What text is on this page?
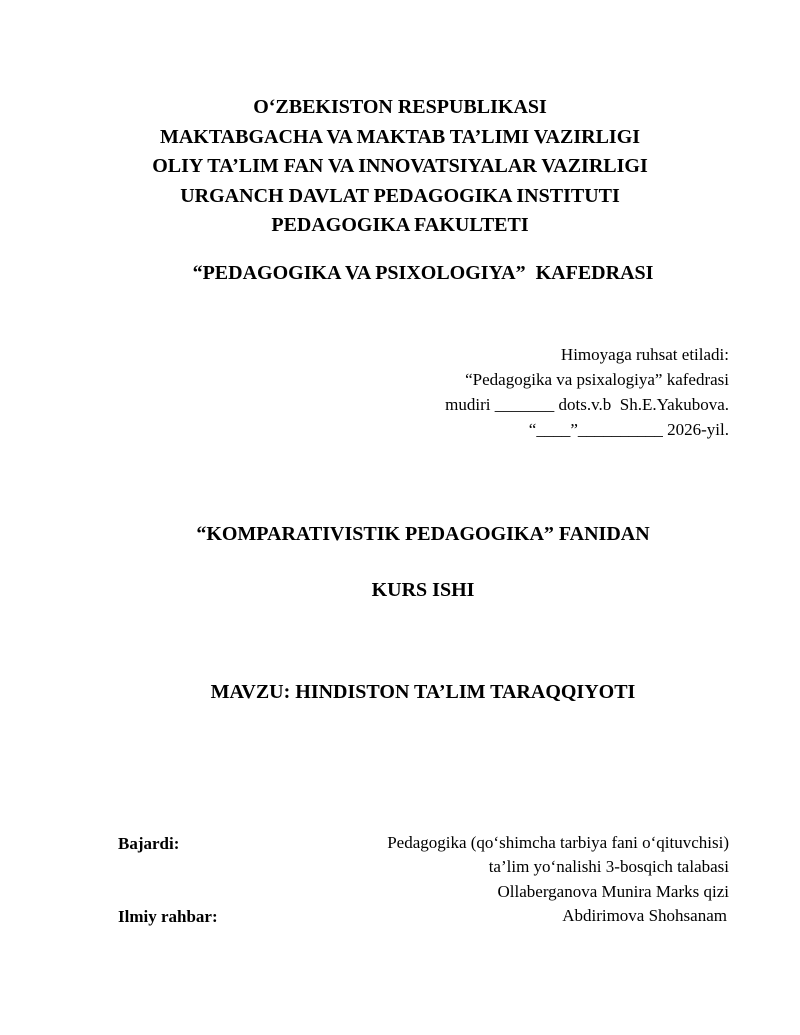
O‘ZBEKISTON RESPUBLIKASI
MAKTABGACHA VA MAKTAB TA’LIMI VAZIRLIGI
OLIY TA’LIM FAN VA INNOVATSIYALAR VAZIRLIGI
URGANCH DAVLAT PEDAGOGIKA INSTITUTI
PEDAGOGIKA FAKULTETI
“PEDAGOGIKA VA PSIXOLOGIYA”  KAFEDRASI
Himoyaga ruhsat etiladi:
“Pedagogika va psixalogiya” kafedrasi
mudiri _______ dots.v.b  Sh.E.Yakubova.
“____”__________ 2026-yil.
“KOMPARATIVISTIK PEDAGOGIKA” FANIDAN
KURS ISHI
MAVZU: HINDISTON TA’LIM TARAQQIYOTI
Bajardi:	Pedagogika (qo‘shimcha tarbiya fani o‘qituvchisi)
ta’lim yo‘nalishi 3-bosqich talabasi
Ollaberganova Munira Marks qizi
Ilmiy rahbar:	Abdirimova Shohsanam
